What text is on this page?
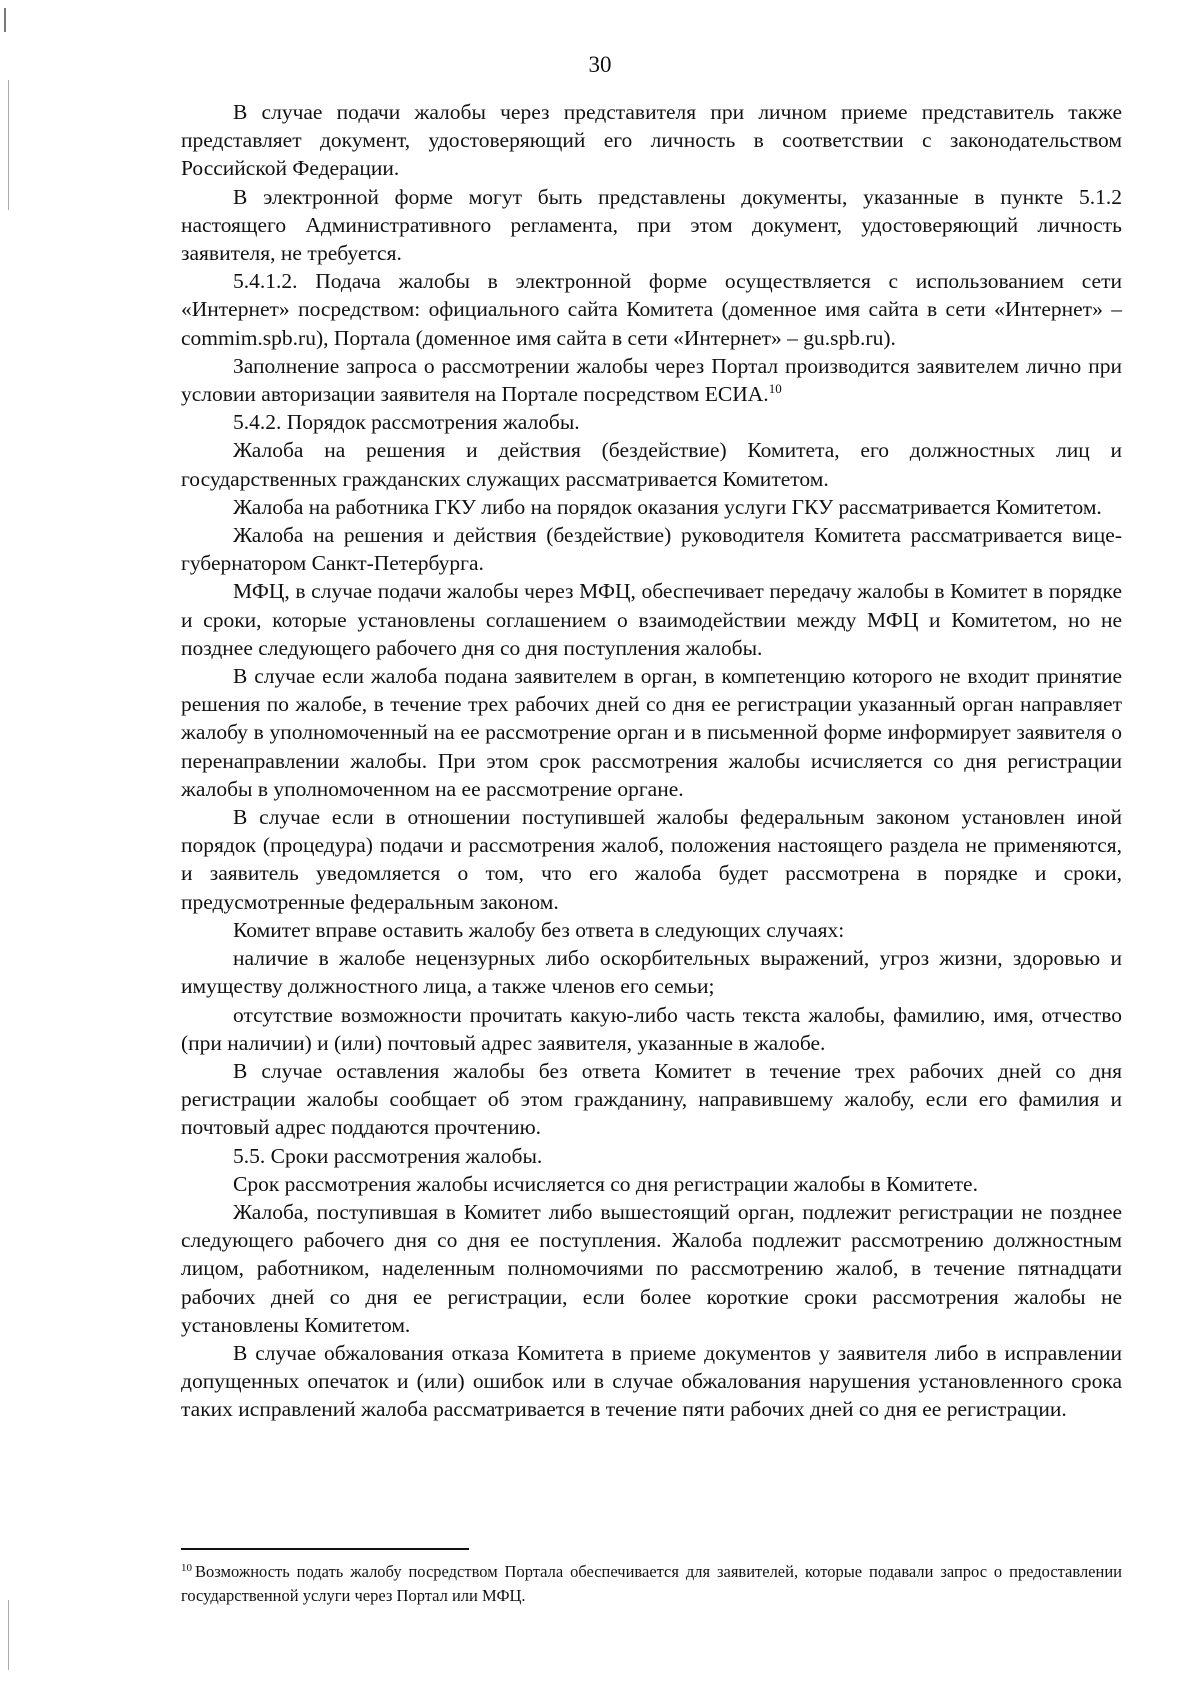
30

В случае подачи жалобы через представителя при личном приеме представитель также представляет документ, удостоверяющий его личность в соответствии с законодательством Российской Федерации.

В электронной форме могут быть представлены документы, указанные в пункте 5.1.2 настоящего Административного регламента, при этом документ, удостоверяющий личность заявителя, не требуется.

5.4.1.2. Подача жалобы в электронной форме осуществляется с использованием сети «Интернет» посредством: официального сайта Комитета (доменное имя сайта в сети «Интернет» – commim.spb.ru), Портала (доменное имя сайта в сети «Интернет» – gu.spb.ru).

Заполнение запроса о рассмотрении жалобы через Портал производится заявителем лично при условии авторизации заявителя на Портале посредством ЕСИА.$^{10}$

5.4.2. Порядок рассмотрения жалобы.

Жалоба на решения и действия (бездействие) Комитета, его должностных лиц и государственных гражданских служащих рассматривается Комитетом.

Жалоба на работника ГКУ либо на порядок оказания услуги ГКУ рассматривается Комитетом.

Жалоба на решения и действия (бездействие) руководителя Комитета рассматривается вице-губернатором Санкт-Петербурга.

МФЦ, в случае подачи жалобы через МФЦ, обеспечивает передачу жалобы в Комитет в порядке и сроки, которые установлены соглашением о взаимодействии между МФЦ и Комитетом, но не позднее следующего рабочего дня со дня поступления жалобы.

В случае если жалоба подана заявителем в орган, в компетенцию которого не входит принятие решения по жалобе, в течение трех рабочих дней со дня ее регистрации указанный орган направляет жалобу в уполномоченный на ее рассмотрение орган и в письменной форме информирует заявителя о перенаправлении жалобы. При этом срок рассмотрения жалобы исчисляется со дня регистрации жалобы в уполномоченном на ее рассмотрение органе.

В случае если в отношении поступившей жалобы федеральным законом установлен иной порядок (процедура) подачи и рассмотрения жалоб, положения настоящего раздела не применяются, и заявитель уведомляется о том, что его жалоба будет рассмотрена в порядке и сроки, предусмотренные федеральным законом.

Комитет вправе оставить жалобу без ответа в следующих случаях:

наличие в жалобе нецензурных либо оскорбительных выражений, угроз жизни, здоровью и имуществу должностного лица, а также членов его семьи;

отсутствие возможности прочитать какую-либо часть текста жалобы, фамилию, имя, отчество (при наличии) и (или) почтовый адрес заявителя, указанные в жалобе.

В случае оставления жалобы без ответа Комитет в течение трех рабочих дней со дня регистрации жалобы сообщает об этом гражданину, направившему жалобу, если его фамилия и почтовый адрес поддаются прочтению.

5.5. Сроки рассмотрения жалобы.

Срок рассмотрения жалобы исчисляется со дня регистрации жалобы в Комитете.

Жалоба, поступившая в Комитет либо вышестоящий орган, подлежит регистрации не позднее следующего рабочего дня со дня ее поступления. Жалоба подлежит рассмотрению должностным лицом, работником, наделенным полномочиями по рассмотрению жалоб, в течение пятнадцати рабочих дней со дня ее регистрации, если более короткие сроки рассмотрения жалобы не установлены Комитетом.

В случае обжалования отказа Комитета в приеме документов у заявителя либо в исправлении допущенных опечаток и (или) ошибок или в случае обжалования нарушения установленного срока таких исправлений жалоба рассматривается в течение пяти рабочих дней со дня ее регистрации.

$^{10}$ Возможность подать жалобу посредством Портала обеспечивается для заявителей, которые подавали запрос о предоставлении государственной услуги через Портал или МФЦ.
